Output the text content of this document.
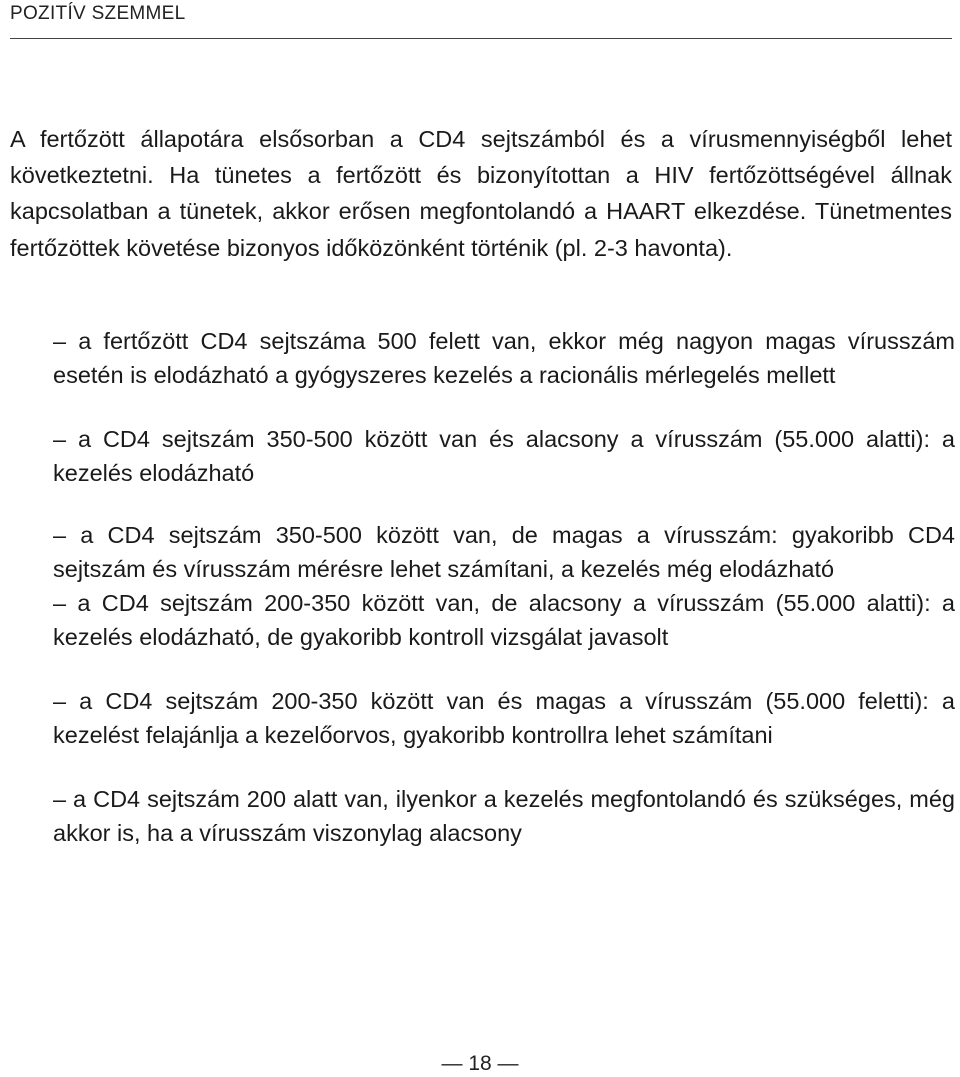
POZITÍV SZEMMEL

A fertőzött állapotára elsősorban a CD4 sejtszámból és a vírusmennyiségből lehet következtetni. Ha tünetes a fertőzött és bizonyítottan a HIV fertőzöttségével állnak kapcsolatban a tünetek, akkor erősen megfontolandó a HAART elkezdése. Tünetmentes fertőzöttek követése bizonyos időközönként történik (pl. 2-3 havonta).

– a fertőzött CD4 sejtszáma 500 felett van, ekkor még nagyon magas vírusszám esetén is elodázható a gyógyszeres kezelés a racionális mérlegelés mellett

– a CD4 sejtszám 350-500 között van és alacsony a vírusszám (55.000 alatti): a kezelés elodázható

– a CD4 sejtszám 350-500 között van, de magas a vírusszám: gyakoribb CD4 sejtszám és vírusszám mérésre lehet számítani, a kezelés még elodázható

– a CD4 sejtszám 200-350 között van, de alacsony a vírusszám (55.000 alatti): a kezelés elodázható, de gyakoribb kontroll vizsgálat javasolt

– a CD4 sejtszám 200-350 között van és magas a vírusszám (55.000 feletti): a kezelést felajánlja a kezelőorvos, gyakoribb kontrollra lehet számítani

– a CD4 sejtszám 200 alatt van, ilyenkor a kezelés megfontolandó és szükséges, még akkor is, ha a vírusszám viszonylag alacsony

— 18 —
